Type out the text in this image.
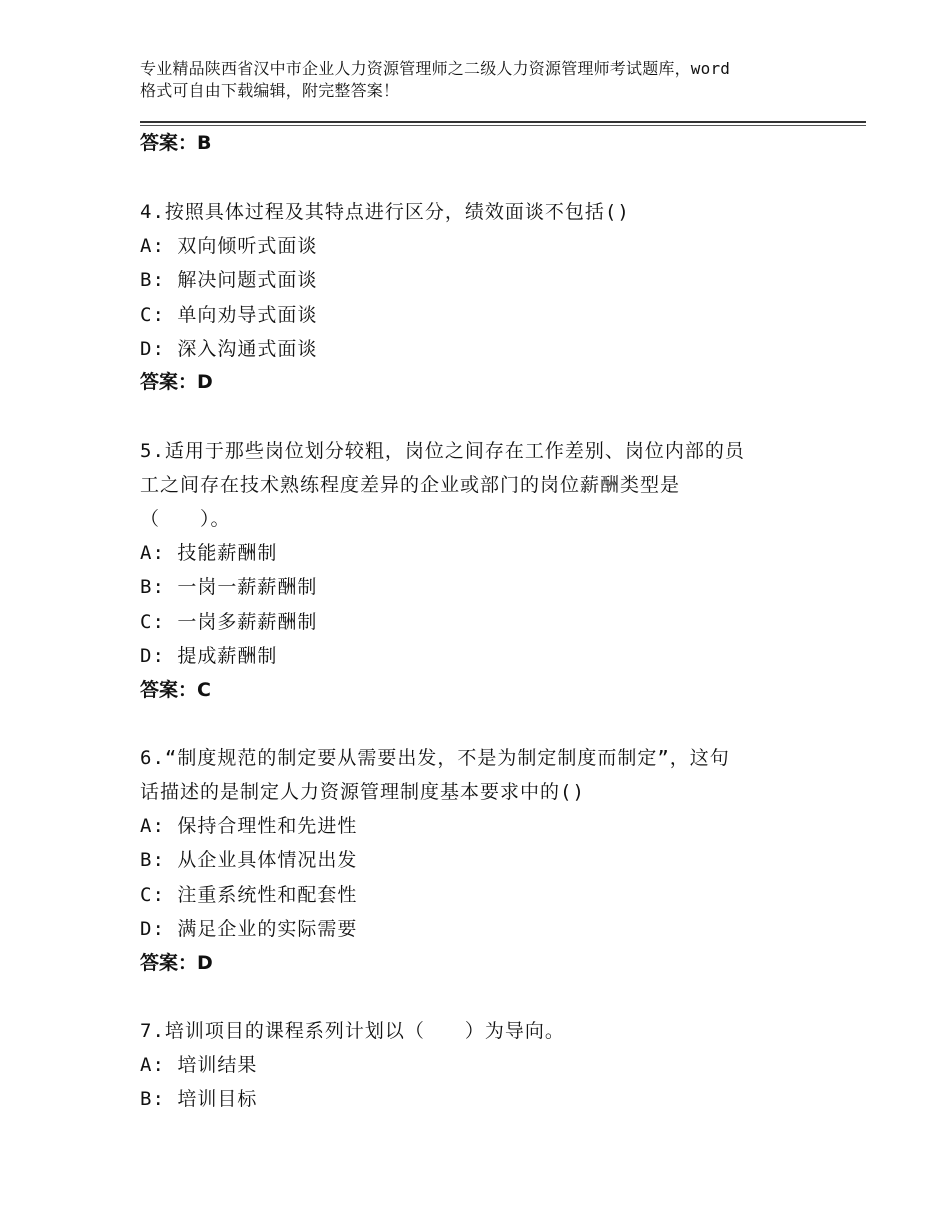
专业精品陕西省汉中市企业人力资源管理师之二级人力资源管理师考试题库，word
格式可自由下载编辑，附完整答案！
答案：B
4.按照具体过程及其特点进行区分，绩效面谈不包括()
A: 双向倾听式面谈
B: 解决问题式面谈
C: 单向劝导式面谈
D: 深入沟通式面谈
答案：D
5.适用于那些岗位划分较粗，岗位之间存在工作差别、岗位内部的员
工之间存在技术熟练程度差异的企业或部门的岗位薪酬类型是
（　　）。
A: 技能薪酬制
B: 一岗一薪薪酬制
C: 一岗多薪薪酬制
D: 提成薪酬制
答案：C
6.“制度规范的制定要从需要出发，不是为制定制度而制定”，这句
话描述的是制定人力资源管理制度基本要求中的()
A: 保持合理性和先进性
B: 从企业具体情况出发
C: 注重系统性和配套性
D: 满足企业的实际需要
答案：D
7.培训项目的课程系列计划以（　　）为导向。
A: 培训结果
B: 培训目标
